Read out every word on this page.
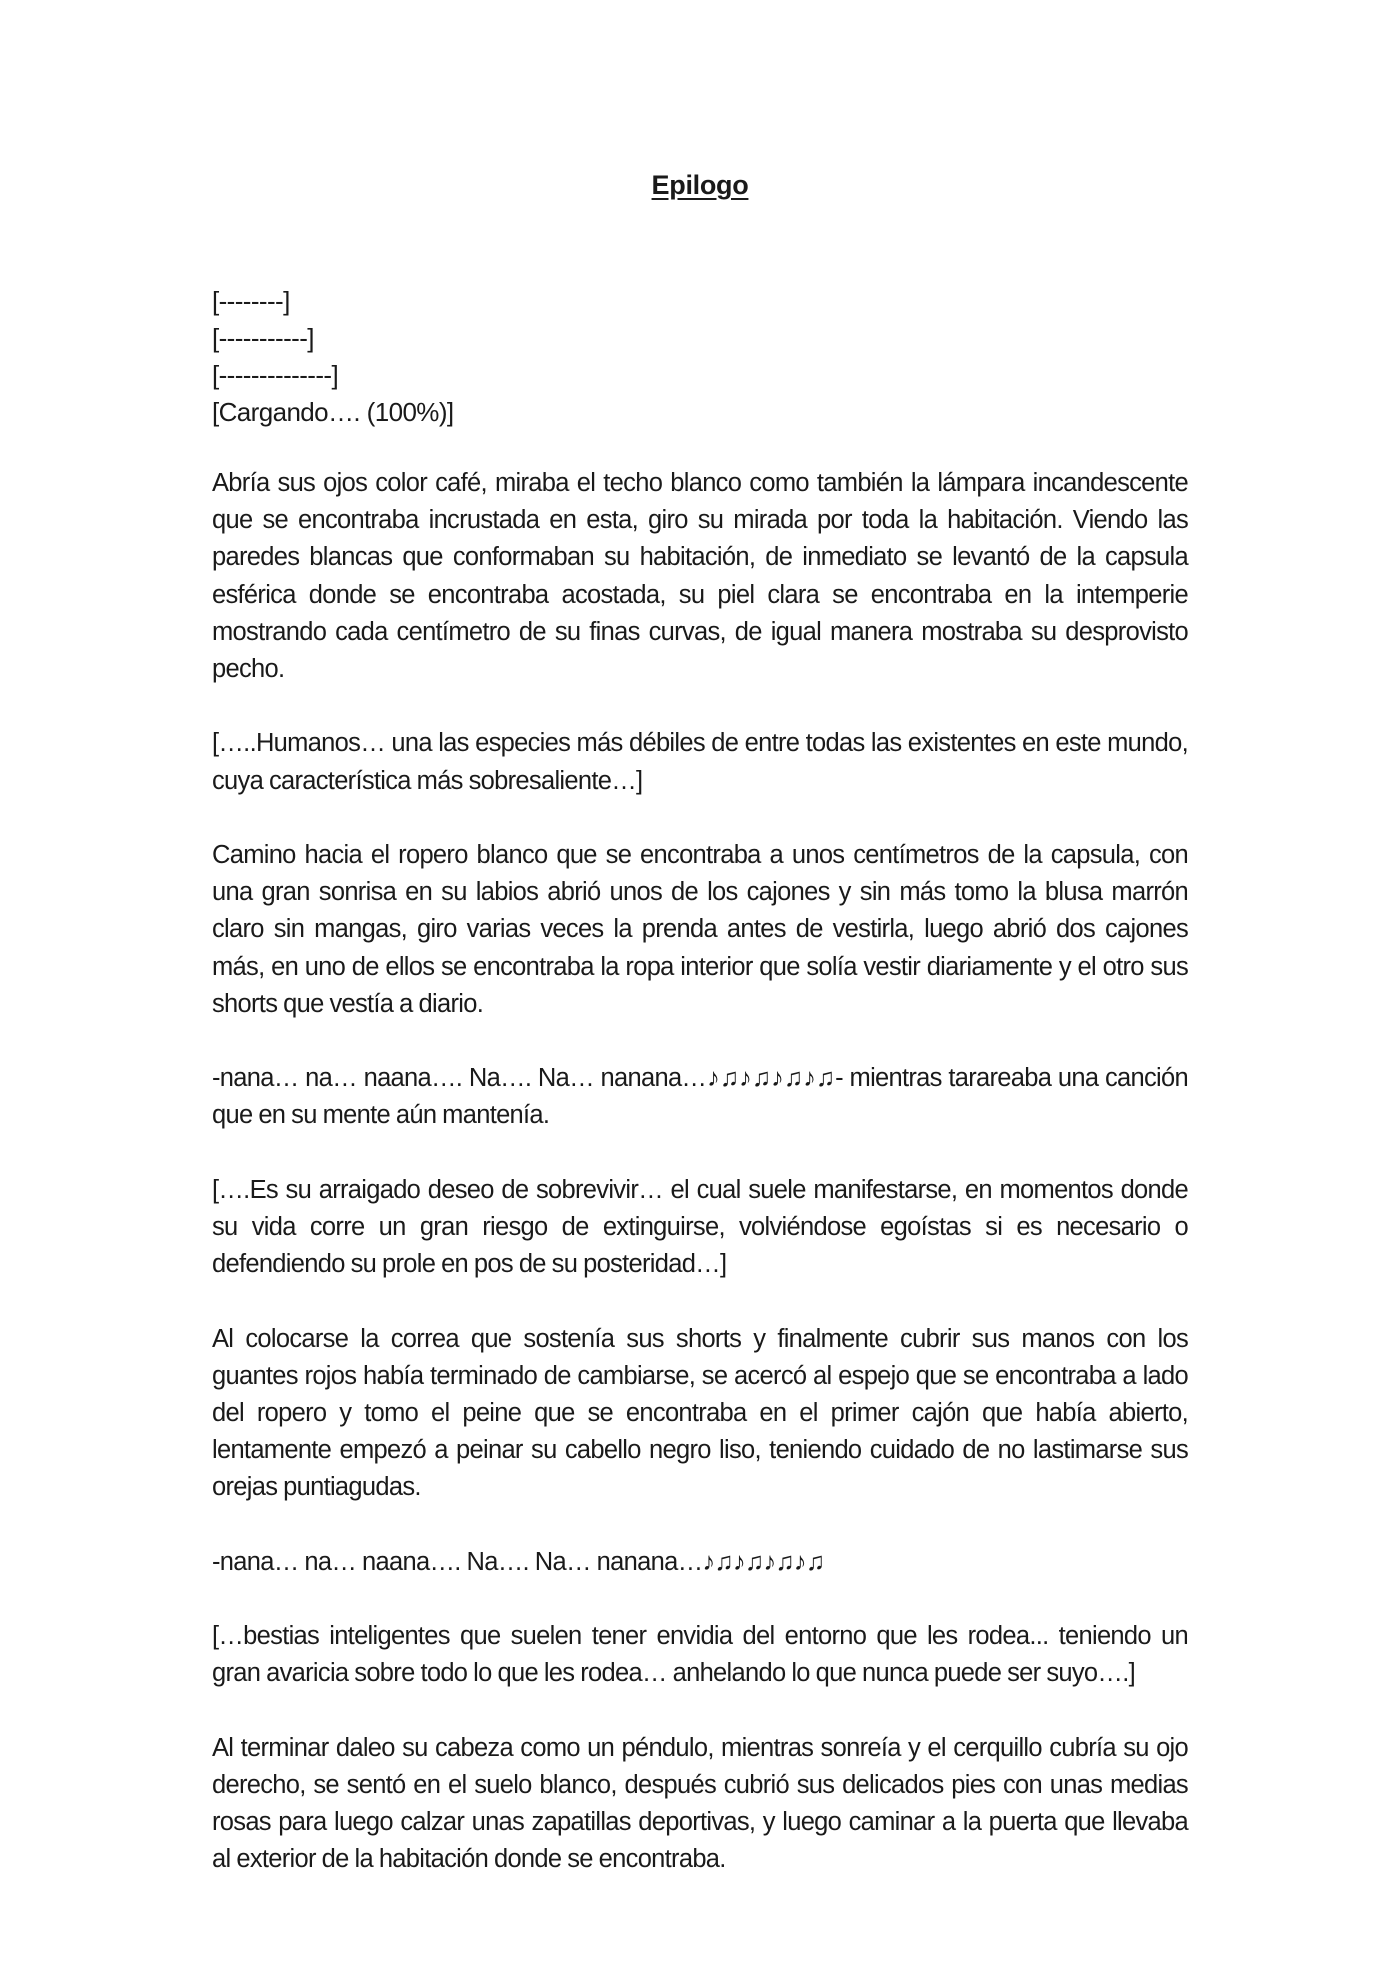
Epilogo
[--------]
[-----------]
[--------------]
[Cargando…. (100%)]

Abría sus ojos color café, miraba el techo blanco como también la lámpara incandescente que se encontraba incrustada en esta, giro su mirada por toda la habitación. Viendo las paredes blancas que conformaban su habitación, de inmediato se levantó de la capsula esférica donde se encontraba acostada, su piel clara se encontraba en la intemperie mostrando cada centímetro de su finas curvas, de igual manera mostraba su desprovisto pecho.

[…..Humanos… una las especies más débiles de entre todas las existentes en este mundo, cuya característica más sobresaliente…]

Camino hacia el ropero blanco que se encontraba a unos centímetros de la capsula, con una gran sonrisa en su labios abrió unos de los cajones y sin más tomo la blusa marrón claro sin mangas, giro varias veces la prenda antes de vestirla, luego abrió dos cajones más, en uno de ellos se encontraba la ropa interior que solía vestir diariamente y el otro sus shorts que vestía a diario.

-nana… na… naana…. Na…. Na… nanana…♪♫♪♫♪♫♪♫- mientras tarareaba una canción que en su mente aún mantenía.

[….Es su arraigado deseo de sobrevivir… el cual suele manifestarse, en momentos donde su vida corre un gran riesgo de extinguirse, volviéndose egoístas si es necesario o defendiendo su prole en pos de su posteridad…]

Al colocarse la correa que sostenía sus shorts y finalmente cubrir sus manos con los guantes rojos había terminado de cambiarse, se acercó al espejo que se encontraba a lado del ropero y tomo el peine que se encontraba en el primer cajón que había abierto, lentamente empezó a peinar su cabello negro liso, teniendo cuidado de no lastimarse sus orejas puntiagudas.

-nana… na… naana…. Na…. Na… nanana…♪♫♪♫♪♫♪♫

[…bestias inteligentes que suelen tener envidia del entorno que les rodea... teniendo un gran avaricia sobre todo lo que les rodea… anhelando lo que nunca puede ser suyo….]

Al terminar daleo su cabeza como un péndulo, mientras sonreía y el cerquillo cubría su ojo derecho, se sentó en el suelo blanco, después cubrió sus delicados pies con unas medias rosas para luego calzar unas zapatillas deportivas, y luego caminar a la puerta que llevaba al exterior de la habitación donde se encontraba.
